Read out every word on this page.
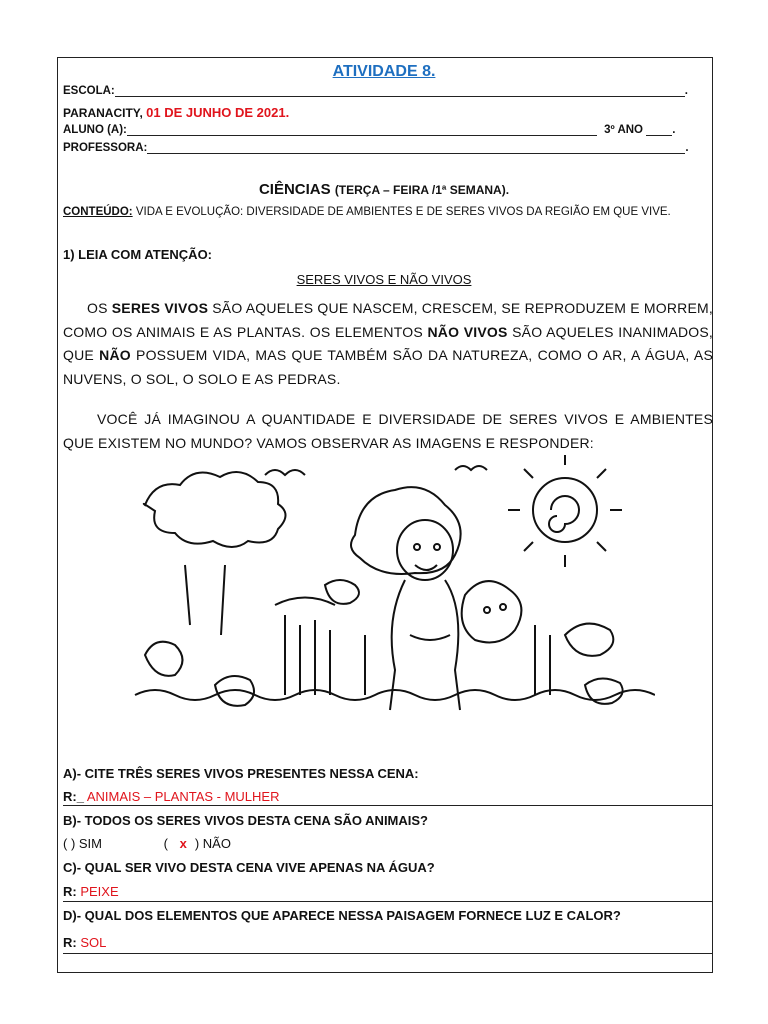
ATIVIDADE 8.
ESCOLA:	.
PARANACITY, 01 DE JUNHO DE 2021.
ALUNO (A):	3º ANO	.
PROFESSORA:	.
CIÊNCIAS (TERÇA – FEIRA /1ª SEMANA).
CONTEÚDO: VIDA E EVOLUÇÃO: DIVERSIDADE DE AMBIENTES E DE SERES VIVOS DA REGIÃO EM QUE VIVE.
1) LEIA COM ATENÇÃO:
SERES VIVOS E NÃO VIVOS
OS SERES VIVOS SÃO AQUELES QUE NASCEM, CRESCEM, SE REPRODUZEM E MORREM, COMO OS ANIMAIS E AS PLANTAS. OS ELEMENTOS NÃO VIVOS SÃO AQUELES INANIMADOS, QUE NÃO POSSUEM VIDA, MAS QUE TAMBÉM SÃO DA NATUREZA, COMO O AR, A ÁGUA, AS NUVENS, O SOL, O SOLO E AS PEDRAS.
VOCÊ JÁ IMAGINOU A QUANTIDADE E DIVERSIDADE DE SERES VIVOS E AMBIENTES QUE EXISTEM NO MUNDO? VAMOS OBSERVAR AS IMAGENS E RESPONDER:
A)- CITE TRÊS SERES VIVOS PRESENTES NESSA CENA:
R:_ ANIMAIS – PLANTAS - MULHER
B)- TODOS OS SERES VIVOS DESTA CENA SÃO ANIMAIS?
( ) SIM	( x ) NÃO
C)- QUAL SER VIVO DESTA CENA VIVE APENAS NA ÁGUA?
R: PEIXE
D)- QUAL DOS ELEMENTOS QUE APARECE NESSA PAISAGEM FORNECE LUZ E CALOR?
R: SOL
